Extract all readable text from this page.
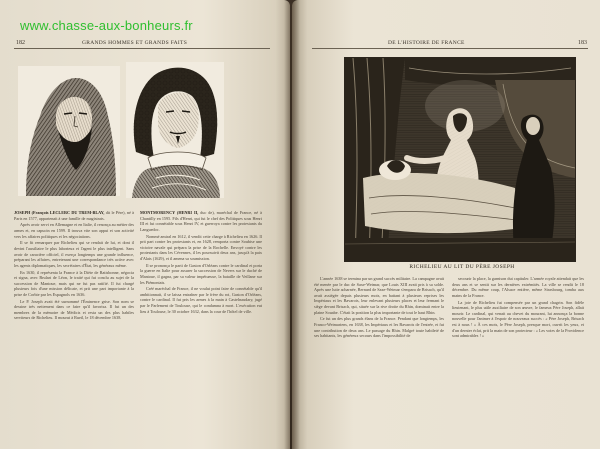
182	GRANDS HOMMES ET GRANDS FAITS

JOSEPH (François LECLERC DU TREM-BLAY, dit le Père), né à Paris en 1577, appartenait à une famille de magistrats.

Après avoir servi en Allemagne et en Italie, il renonça au métier des armes et, en capucin en 1599. Il trouva vite son appui et son activité vers les affaires politiques et les négociations.

Il se fit remarquer par Richelieu qui se rendait de lui, et dont il devint l'auxiliaire le plus laborieux et l'agent le plus intelligent. Sans avoir de caractère officiel, il exerça longtemps une grande influence, préparant les affaires, entretenant une correspondance très active avec les agents diplomatiques, les secrétaires d'État, les généraux même.

En 1630, il représenta la France à la Diète de Ratisbonne, négocia et signa, avec Brulart de Léon, le traité qui fut conclu au sujet de la succession de Mantoue, mais qui ne fut pas ratifié. Il fut chargé plusieurs fois d'une mission délicate, et prit une part importante à la prise de Corbie par les Espagnols en 1636.

Le P. Joseph avait été surnommé l'Éminence grise. Son nom se dessine très nettement dans ce faire qu'il favorisa. Il fut un des membres de la mémoire de Médicis et resta un des plus habiles serviteurs de Richelieu. Il mourut à Rueil, le 18 décembre 1638.

MONTMORENCY (HENRI II, duc de), maréchal de France, né à Chantilly en 1595. Fils d'Henri, qui fut le chef des Politiques sous Henri III et fut connétable sous Henri IV, et guerroya contre les protestants du Languedoc.

Nommé amiral en 1612, il vendit cette charge à Richelieu en 1626. Il prit part contre les protestants et, en 1628, remporta contre Soubise une victoire navale qui prépara la prise de la Rochelle. Envoyé contre les protestants dans les Cévennes, il les poursuivit deux ans, jusqu'à la paix d'Alais (1629), et il amena sa soumission.

Il se prononça le parti de Gaston d'Orléans contre le cardinal et porta la guerre en Italie pour assurer la succession de Nevers sur le duché de Mantoue, il gagna, par sa valeur impétueuse, la bataille de Veillane sur les Piémontais.

Créé maréchal de France, il ne voulut point faire de connétable qu'il ambitionnait, il se laissa entraîner par le frère du roi, Gaston d'Orléans, contre le cardinal. Il fut pris les armes à la main à Castelnaudary, jugé par le Parlement de Toulouse, qui le condamna à mort. L'exécution eut lieu à Toulouse, le 30 octobre 1632, dans la cour de l'hôtel de ville.

DE L'HISTOIRE DE FRANCE	183
RICHELIEU AU LIT DU PÈRE JOSEPH

L'année 1638 se termina par un grand succès militaire. La campagne avait été menée par le duc de Saxe-Weimar, que Louis XIII avait pris à sa solde. Après une lutte acharnée, Bernard de Saxe-Weimar s'empara de Brisach, qu'il avait assiégée depuis plusieurs mois, en battant à plusieurs reprises les Impériaux et les Bavarois, leur enlevant plusieurs places et leur fermant le siège devant Brisach, qui, située sur la rive droite du Rhin, dominait entre la plaine Souabe. C'était la position la plus importante de tout le haut Rhin.

Ce fut un des plus grands élans de la France. Pendant que longtemps, les Franco-Weimariens, en 1638, les Impériaux et les Bavarois de l'entrée, et fut une contribution de deux ans. Le passage du Rhin. Malgré toute habileté de ses habitants, les généreux secours dans l'impossibilité de

secourir la place, la garnison dut capituler. L'armée royale attendait que les deux ans et se sentit sur les dernières extrémités. La ville se rendit le 18 décembre. Du même coup, l'Alsace entière, même Strasbourg, tomba aux mains de la France.

La joie de Richelieu fut compensée par un grand chagrin. Son fidèle lieutenant, le plus utile auxiliaire de son œuvre, le fameux Père Joseph, allait mourir. Le cardinal, qui venait au chevet du mourant, lui annonça la bonne nouvelle pour l'animer à l'espoir de nouveaux succès : « Père Joseph, Brisach est à nous ! » À ces mots, le Père Joseph, presque mort, ouvrit les yeux, et d'un dernier éclat, prit la main de son protecteur : « Les voies de la Providence sont admirables ! »

www.chasse-aux-bonheurs.fr
